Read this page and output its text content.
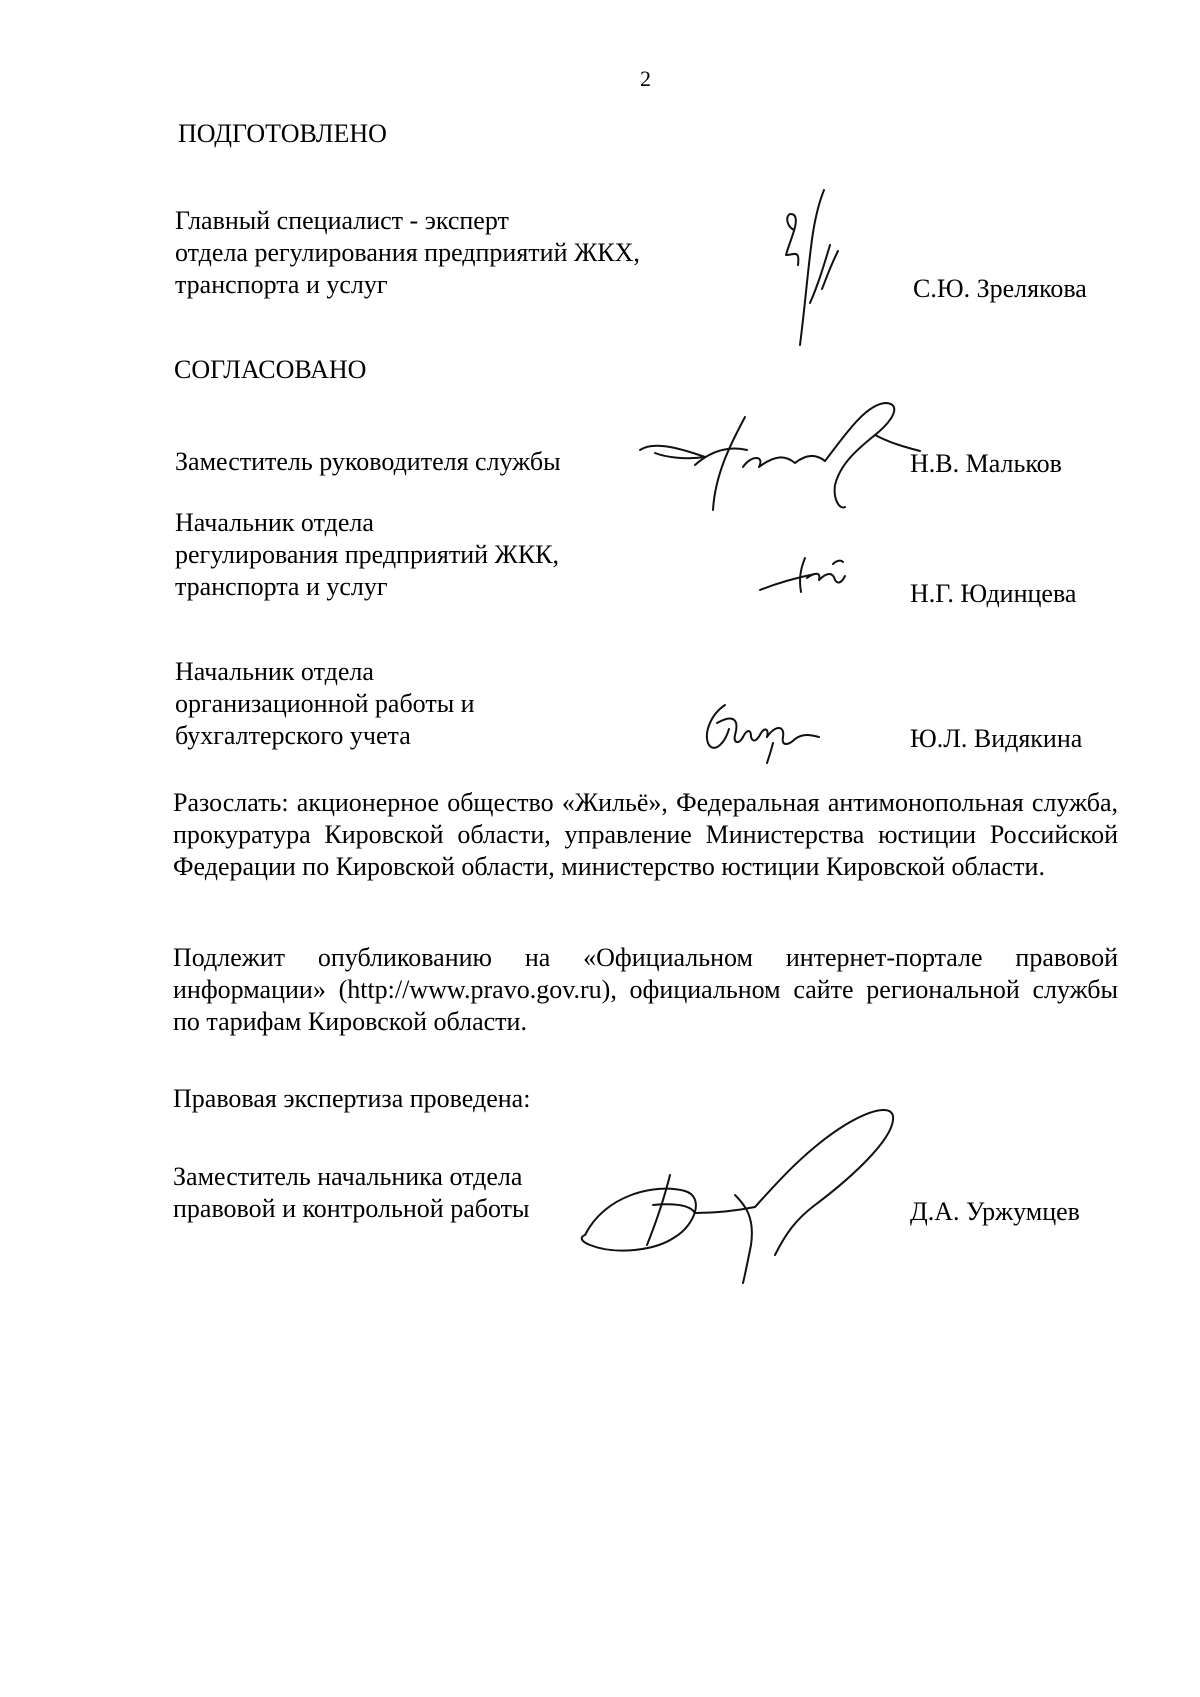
2
ПОДГОТОВЛЕНО
Главный специалист - эксперт
отдела регулирования предприятий ЖКХ,
транспорта и услуг	С.Ю. Зрелякова
СОГЛАСОВАНО
Заместитель руководителя службы	Н.В. Мальков
Начальник отдела
регулирования предприятий ЖКК,
транспорта и услуг	Н.Г. Юдинцева
Начальник отдела
организационной работы и
бухгалтерского учета	Ю.Л. Видякина
Разослать: акционерное общество «Жильё», Федеральная антимонопольная служба, прокуратура Кировской области, управление Министерства юстиции Российской Федерации по Кировской области, министерство юстиции Кировской области.
Подлежит опубликованию на «Официальном интернет-портале правовой информации» (http://www.pravo.gov.ru), официальном сайте региональной службы по тарифам Кировской области.
Правовая экспертиза проведена:
Заместитель начальника отдела
правовой и контрольной работы	Д.А. Уржумцев
